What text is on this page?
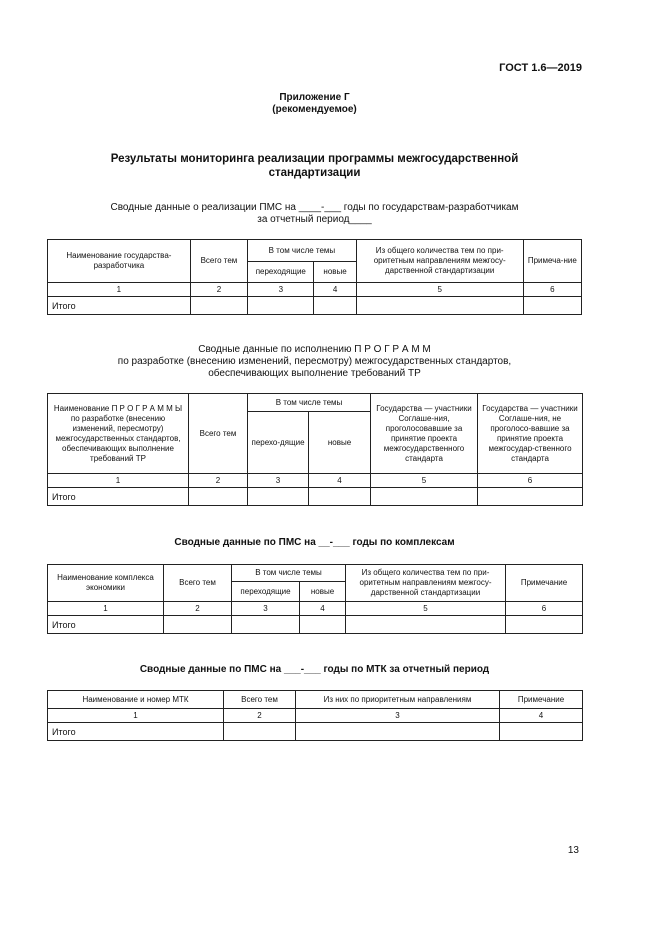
ГОСТ 1.6—2019
Приложение Г
(рекомендуемое)
Результаты мониторинга реализации программы межгосударственной
стандартизации
Сводные данные о реализации ПМС на ____-___ годы по государствам-разработчикам
за отчетный период____
Наименование государства-разработчика	Всего тем	В том числе темы		Из общего количества тем по при-оритетным направлениям межгосу-дарственной стандартизации	Примеча-ние
		переходящие	новые		
1	2	3	4	5	6
Итого					
Сводные данные по исполнению П Р О Г Р А М М
по разработке (внесению изменений, пересмотру) межгосударственных стандартов,
обеспечивающих выполнение требований ТР
Наименование П Р О Г Р А М М Ы по разработке (внесению изменений, пересмотру) межгосударственных стандартов, обеспечивающих выполнение требований ТР	Всего тем	В том числе темы		Государства — участники Соглаше-ния, проголосовавшие за принятие проекта межгосударственного стандарта	Государства — участники Соглаше-ния, не проголосо-вавшие за принятие проекта межгосудар-ственного стандарта
		перехо-дящие	новые		
1	2	3	4	5	6
Итого					
Сводные данные по ПМС на __-___ годы по комплексам
Наименование комплекса экономики	Всего тем	В том числе темы		Из общего количества тем по при-оритетным направлениям межгосу-дарственной стандартизации	Примечание
		переходящие	новые		
1	2	3	4	5	6
Итого					
Сводные данные по ПМС на ___-___ годы по МТК за отчетный период
Наименование и номер МТК	Всего тем	Из них по приоритетным направлениям	Примечание
1	2	3	4
Итого			
13
